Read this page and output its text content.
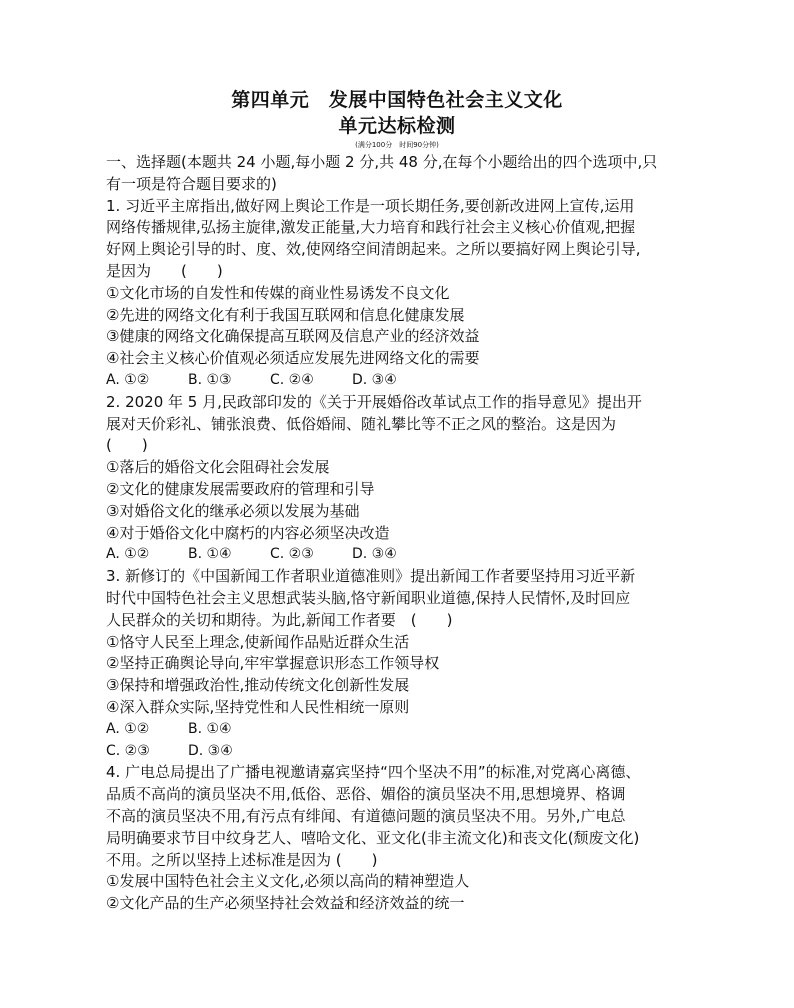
第四单元　发展中国特色社会主义文化
单元达标检测
(满分100分　时间90分钟)
一、选择题(本题共 24 小题,每小题 2 分,共 48 分,在每个小题给出的四个选项中,只
有一项是符合题目要求的)
1. 习近平主席指出,做好网上舆论工作是一项长期任务,要创新改进网上宣传,运用
网络传播规律,弘扬主旋律,激发正能量,大力培育和践行社会主义核心价值观,把握
好网上舆论引导的时、度、效,使网络空间清朗起来。之所以要搞好网上舆论引导,
是因为　　(　　)
①文化市场的自发性和传媒的商业性易诱发不良文化
②先进的网络文化有利于我国互联网和信息化健康发展
③健康的网络文化确保提高互联网及信息产业的经济效益
④社会主义核心价值观必须适应发展先进网络文化的需要
A. ①②	B. ①③	C. ②④	D. ③④
2. 2020 年 5 月,民政部印发的《关于开展婚俗改革试点工作的指导意见》提出开
展对天价彩礼、铺张浪费、低俗婚闹、随礼攀比等不正之风的整治。这是因为
(　　)
①落后的婚俗文化会阻碍社会发展
②文化的健康发展需要政府的管理和引导
③对婚俗文化的继承必须以发展为基础
④对于婚俗文化中腐朽的内容必须坚决改造
A. ①②	B. ①④	C. ②③	D. ③④
3. 新修订的《中国新闻工作者职业道德准则》提出新闻工作者要坚持用习近平新
时代中国特色社会主义思想武装头脑,恪守新闻职业道德,保持人民情怀,及时回应
人民群众的关切和期待。为此,新闻工作者要　(　　)
①恪守人民至上理念,使新闻作品贴近群众生活
②坚持正确舆论导向,牢牢掌握意识形态工作领导权
③保持和增强政治性,推动传统文化创新性发展
④深入群众实际,坚持党性和人民性相统一原则
A. ①②	B. ①④
C. ②③	D. ③④
4. 广电总局提出了广播电视邀请嘉宾坚持“四个坚决不用”的标准,对党离心离德、
品质不高尚的演员坚决不用,低俗、恶俗、媚俗的演员坚决不用,思想境界、格调
不高的演员坚决不用,有污点有绯闻、有道德问题的演员坚决不用。另外,广电总
局明确要求节目中纹身艺人、嘻哈文化、亚文化(非主流文化)和丧文化(颓废文化)
不用。之所以坚持上述标准是因为 (　　)
①发展中国特色社会主义文化,必须以高尚的精神塑造人
②文化产品的生产必须坚持社会效益和经济效益的统一
